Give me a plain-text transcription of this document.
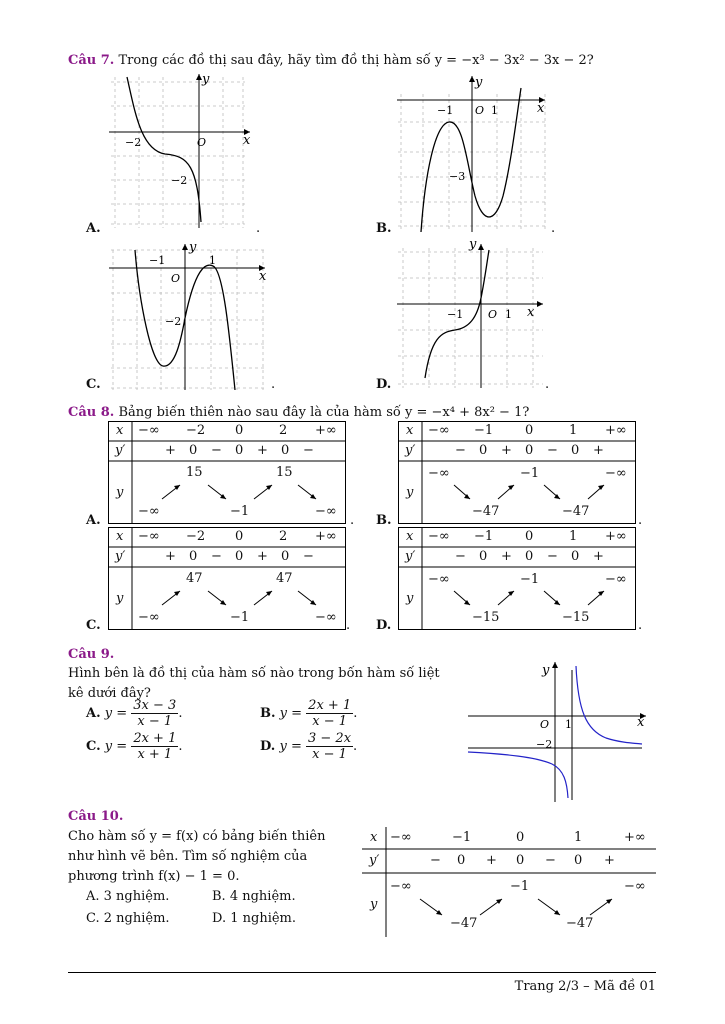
Câu 7. Trong các đồ thị sau đây, hãy tìm đồ thị hàm số y = −x³ − 3x² − 3x − 2?
y
x
O
−2
−2
A.	.
y
x
O 1
−1
−3
B.	.
y
x
O
1
−1
−2
C.	.
y
x
O 1
−1
D.	.
Câu 8. Bảng biến thiên nào sau đây là của hàm số y = −x⁴ + 8x² − 1?
x −∞ −2 0	2 +∞
y′	+ 0 − 0 + 0 −
y
15	15
−∞	−1	−∞
A.	.
x −∞ −1 0	1 +∞
y′	− 0 + 0 − 0 +
y
−∞	−1	−∞
−47	−47
B.	.
x −∞ −2 0	2 +∞
y′	+ 0 − 0 + 0 −
y
47	47
−∞	−1	−∞
C.	.
x −∞ −1 0	1 +∞
y′	− 0 + 0 − 0 +
y
−∞	−1	−∞
−15	−15
D.	.
Câu 9.
Hình bên là đồ thị của hàm số nào trong bốn hàm số liệt
kê dưới đây?
A.
y =
$\frac{3x - 3}{x - 1}$ .	B.
y =
$\frac{2x + 1}{x - 1}$ .
C.
y =
$\frac{2x + 1}{x + 1}$ .	D.
y =
$\frac{3 - 2x}{x - 1}$ .
y
x
O 1
−2
Câu 10.
Cho hàm số y = f(x) có bảng biến thiên
như hình vẽ bên. Tìm số nghiệm của
phương trình f(x) − 1 = 0.
A. 3 nghiệm.	B. 4 nghiệm.
C. 2 nghiệm.	D. 1 nghiệm.
x −∞	−1	0	1	+∞
y′	− 0 + 0 − 0 +
y
−∞	−1	−∞
−47	−47
Trang 2/3 – Mã đề 01
